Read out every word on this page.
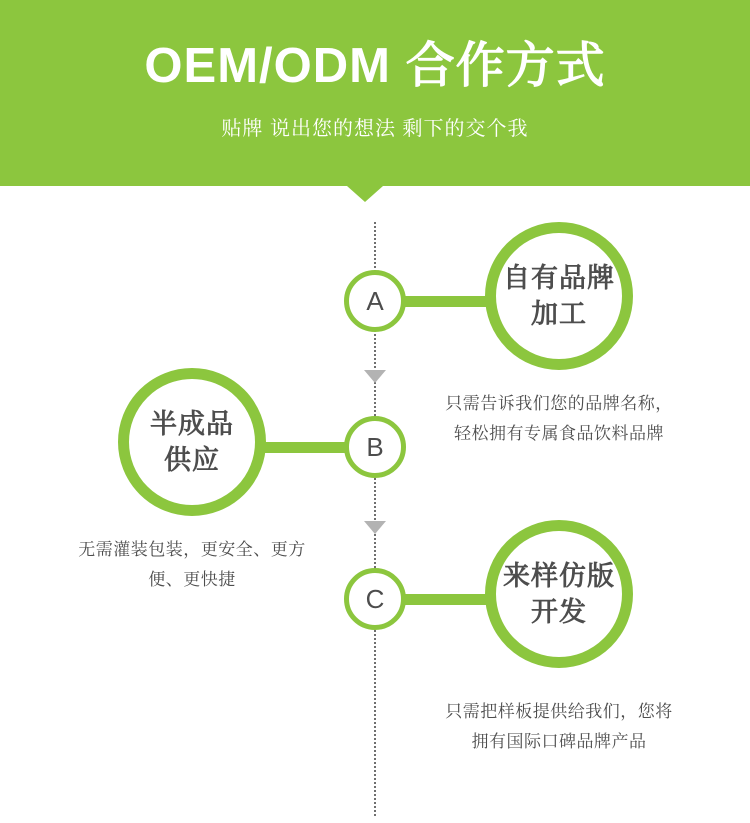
OEM/ODM 合作方式
贴牌 说出您的想法 剩下的交个我
A
自有品牌
加工
只需告诉我们您的品牌名称，轻松拥有专属食品饮料品牌
B
半成品
供应
无需灌装包装，更安全、更方便、更快捷
C
来样仿版
开发
只需把样板提供给我们，您将拥有国际口碑品牌产品
